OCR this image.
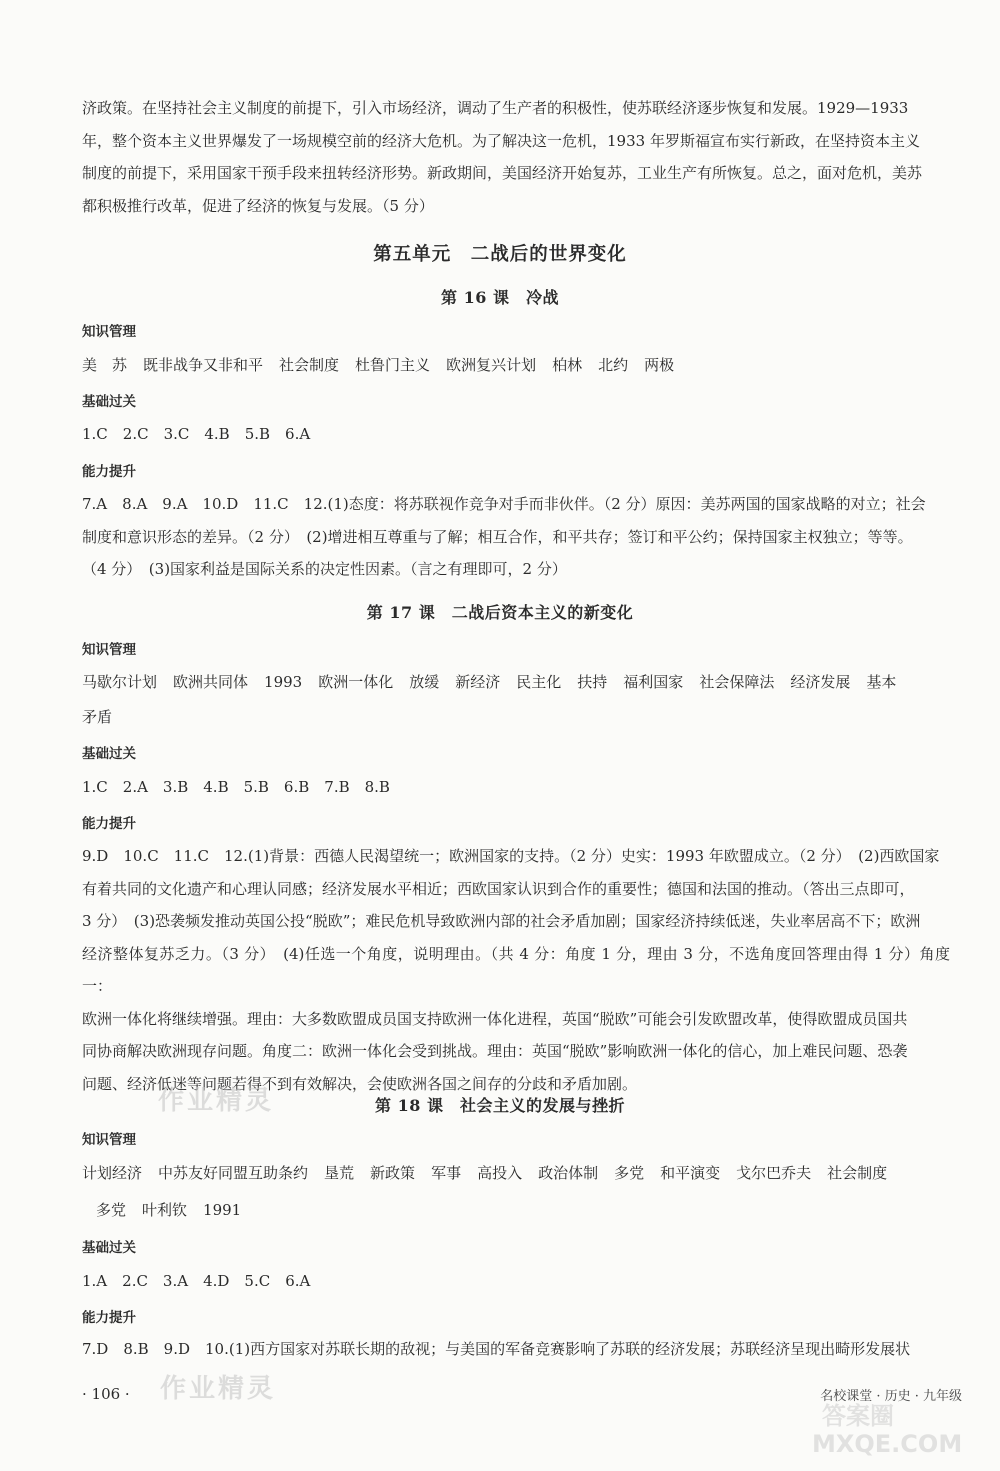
济政策。在坚持社会主义制度的前提下，引入市场经济，调动了生产者的积极性，使苏联经济逐步恢复和发展。1929—1933
年，整个资本主义世界爆发了一场规模空前的经济大危机。为了解决这一危机，1933 年罗斯福宣布实行新政，在坚持资本主义
制度的前提下，采用国家干预手段来扭转经济形势。新政期间，美国经济开始复苏，工业生产有所恢复。总之，面对危机，美苏
都积极推行改革，促进了经济的恢复与发展。（5 分）
第五单元　二战后的世界变化
第 16 课　冷战
知识管理
美　苏 既非战争又非和平 社会制度 杜鲁门主义 欧洲复兴计划 柏林 北约 两极
基础过关
1.C　2.C　3.C　4.B　5.B　6.A
能力提升
7.A　8.A　9.A　10.D　11.C　12.(1)态度：将苏联视作竞争对手而非伙伴。（2 分）原因：美苏两国的国家战略的对立；社会
制度和意识形态的差异。（2 分）　(2)增进相互尊重与了解；相互合作，和平共存；签订和平公约；保持国家主权独立；等等。
（4 分）　(3)国家利益是国际关系的决定性因素。（言之有理即可，2 分）
第 17 课　二战后资本主义的新变化
知识管理
马歇尔计划 欧洲共同体 1993 欧洲一体化 放缓 新经济 民主化 扶持 福利国家 社会保障法 经济发展 基本
矛盾
基础过关
1.C　2.A　3.B　4.B　5.B　6.B　7.B　8.B
能力提升
9.D　10.C　11.C　12.(1)背景：西德人民渴望统一；欧洲国家的支持。（2 分）史实：1993 年欧盟成立。（2 分）　(2)西欧国家
有着共同的文化遗产和心理认同感；经济发展水平相近；西欧国家认识到合作的重要性；德国和法国的推动。（答出三点即可，
3 分）　(3)恐袭频发推动英国公投“脱欧”；难民危机导致欧洲内部的社会矛盾加剧；国家经济持续低迷，失业率居高不下；欧洲
经济整体复苏乏力。（3 分）　(4)任选一个角度，说明理由。（共 4 分：角度 1 分，理由 3 分，不选角度回答理由得 1 分）角度一：
欧洲一体化将继续增强。理由：大多数欧盟成员国支持欧洲一体化进程，英国“脱欧”可能会引发欧盟改革，使得欧盟成员国共
同协商解决欧洲现存问题。角度二：欧洲一体化会受到挑战。理由：英国“脱欧”影响欧洲一体化的信心，加上难民问题、恐袭
问题、经济低迷等问题若得不到有效解决，会使欧洲各国之间存的分歧和矛盾加剧。
第 18 课　社会主义的发展与挫折
知识管理
计划经济 中苏友好同盟互助条约 垦荒 新政策 军事 高投入 政治体制 多党 和平演变 戈尔巴乔夫 社会制度
多党 叶利钦 1991
基础过关
1.A　2.C　3.A　4.D　5.C　6.A
能力提升
7.D　8.B　9.D　10.(1)西方国家对苏联长期的敌视；与美国的军备竞赛影响了苏联的经济发展；苏联经济呈现出畸形发展状
· 106 ·	名校课堂 · 历史 · 九年级
作业精灵
作业精灵
MXQE.COM
答案圈
